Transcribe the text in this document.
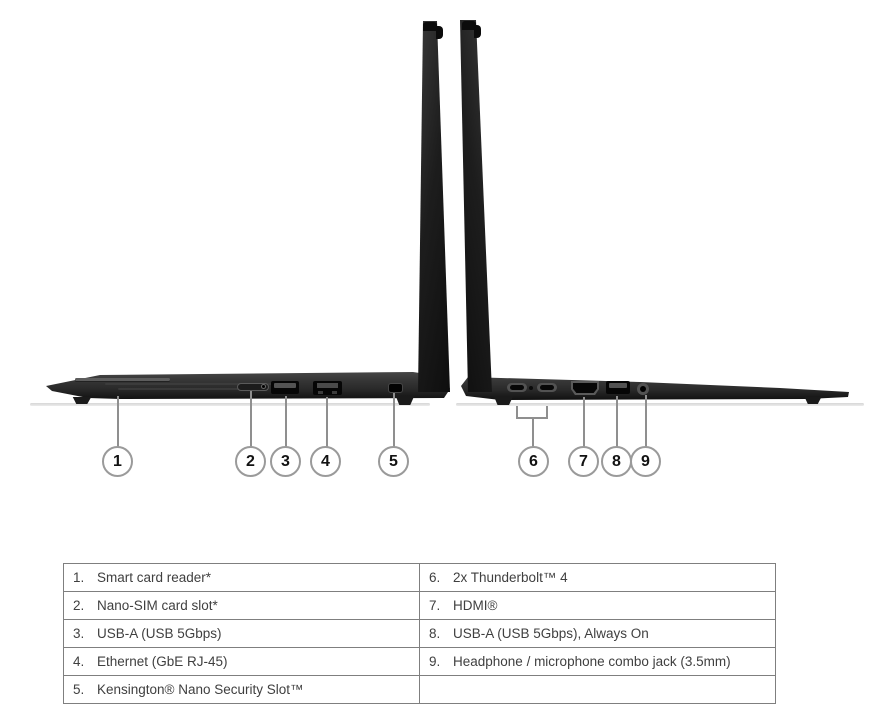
1	2	3	4	5	6	7	8	9
1. Smart card reader*	6. 2x Thunderbolt™ 4

2. Nano-SIM card slot*	7. HDMI®

3. USB-A (USB 5Gbps)	8. USB-A (USB 5Gbps), Always On

4. Ethernet (GbE RJ-45)	9. Headphone / microphone combo jack (3.5mm)

5. Kensington® Nano Security Slot™	
